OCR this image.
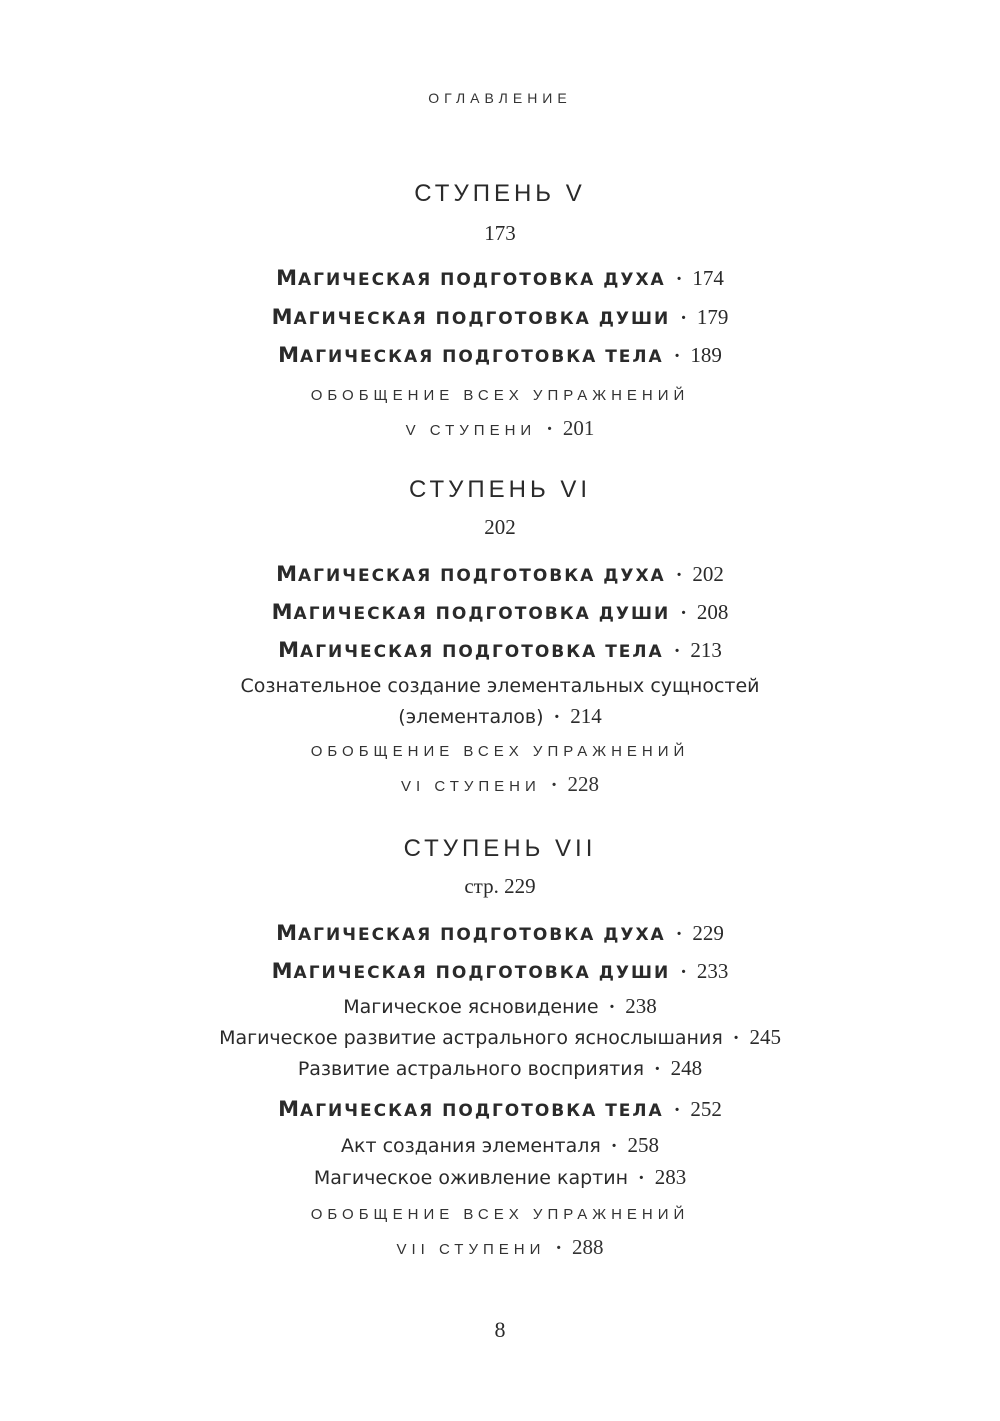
ОГЛАВЛЕНИЕ
СТУПЕНЬ V
173
МАГИЧЕСКАЯ ПОДГОТОВКА ДУХА · 174
МАГИЧЕСКАЯ ПОДГОТОВКА ДУШИ · 179
МАГИЧЕСКАЯ ПОДГОТОВКА ТЕЛА · 189
ОБОБЩЕНИЕ ВСЕХ УПРАЖНЕНИЙ
V СТУПЕНИ · 201
СТУПЕНЬ VI
202
МАГИЧЕСКАЯ ПОДГОТОВКА ДУХА · 202
МАГИЧЕСКАЯ ПОДГОТОВКА ДУШИ · 208
МАГИЧЕСКАЯ ПОДГОТОВКА ТЕЛА · 213
Сознательное создание элементальных сущностей
(элементалов) · 214
ОБОБЩЕНИЕ ВСЕХ УПРАЖНЕНИЙ
VI СТУПЕНИ · 228
СТУПЕНЬ VII
стр. 229
МАГИЧЕСКАЯ ПОДГОТОВКА ДУХА · 229
МАГИЧЕСКАЯ ПОДГОТОВКА ДУШИ · 233
Магическое ясновидение · 238
Магическое развитие астрального яснослышания · 245
Развитие астрального восприятия · 248
МАГИЧЕСКАЯ ПОДГОТОВКА ТЕЛА · 252
Акт создания элементаля · 258
Магическое оживление картин · 283
ОБОБЩЕНИЕ ВСЕХ УПРАЖНЕНИЙ
VII СТУПЕНИ · 288
8
